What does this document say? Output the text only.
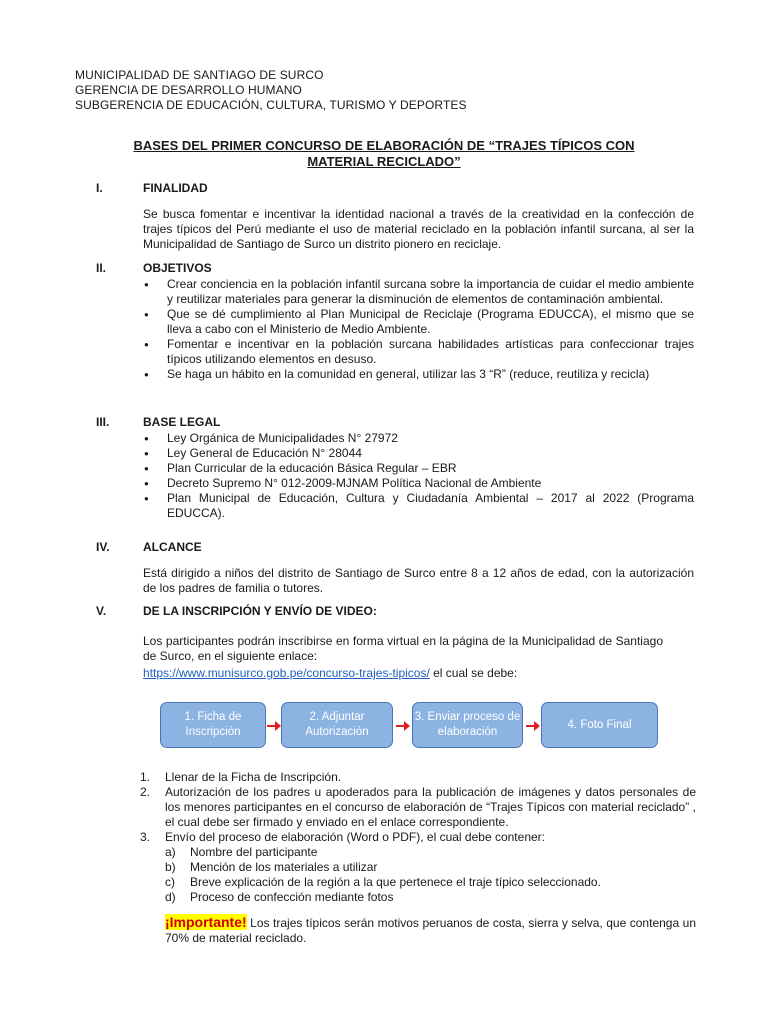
MUNICIPALIDAD DE SANTIAGO DE SURCO
GERENCIA DE DESARROLLO HUMANO
SUBGERENCIA DE EDUCACIÓN, CULTURA, TURISMO Y DEPORTES
BASES DEL PRIMER CONCURSO DE ELABORACIÓN DE “TRAJES TÍPICOS CON
MATERIAL RECICLADO”
I.	FINALIDAD
Se busca fomentar e incentivar la identidad nacional a través de la creatividad en la confección de trajes típicos del Perú mediante el uso de material reciclado en la población infantil surcana, al ser la Municipalidad de Santiago de Surco un distrito pionero en reciclaje.
II.	OBJETIVOS
● Crear conciencia en la población infantil surcana sobre la importancia de cuidar el medio ambiente y reutilizar materiales para generar la disminución de elementos de contaminación ambiental.
● Que se dé cumplimiento al Plan Municipal de Reciclaje (Programa EDUCCA), el mismo que se lleva a cabo con el Ministerio de Medio Ambiente.
● Fomentar e incentivar en la población surcana habilidades artísticas para confeccionar trajes típicos utilizando elementos en desuso.
● Se haga un hábito en la comunidad en general, utilizar las 3 “R” (reduce, reutiliza y recicla)
III.	BASE LEGAL
● Ley Orgánica de Municipalidades N° 27972
● Ley General de Educación N° 28044
● Plan Curricular de la educación Básica Regular – EBR
● Decreto Supremo N° 012-2009-MJNAM Política Nacional de Ambiente
● Plan Municipal de Educación, Cultura y Ciudadanía Ambiental – 2017 al 2022 (Programa EDUCCA).
IV.	ALCANCE
Está dirigido a niños del distrito de Santiago de Surco entre 8 a 12 años de edad, con la autorización de los padres de familia o tutores.
V.	DE LA INSCRIPCIÓN Y ENVÍO DE VIDEO:
Los participantes podrán inscribirse en forma virtual en la página de la Municipalidad de Santiago de Surco, en el siguiente enlace:
https://www.munisurco.gob.pe/concurso-trajes-tipicos/ el cual se debe:
1. Ficha de Inscripción
2. Adjuntar Autorización
3. Enviar proceso de elaboración
4. Foto Final
1. Llenar de la Ficha de Inscripción.
2. Autorización de los padres u apoderados para la publicación de imágenes y datos personales de los menores participantes en el concurso de elaboración de “Trajes Típicos con material reciclado” , el cual debe ser firmado y enviado en el enlace correspondiente.
3. Envío del proceso de elaboración (Word o PDF), el cual debe contener:
a) Nombre del participante
b) Mención de los materiales a utilizar
c) Breve explicación de la región a la que pertenece el traje típico seleccionado.
d) Proceso de confección mediante fotos
¡Importante! Los trajes típicos serán motivos peruanos de costa, sierra y selva, que contenga un 70% de material reciclado.
